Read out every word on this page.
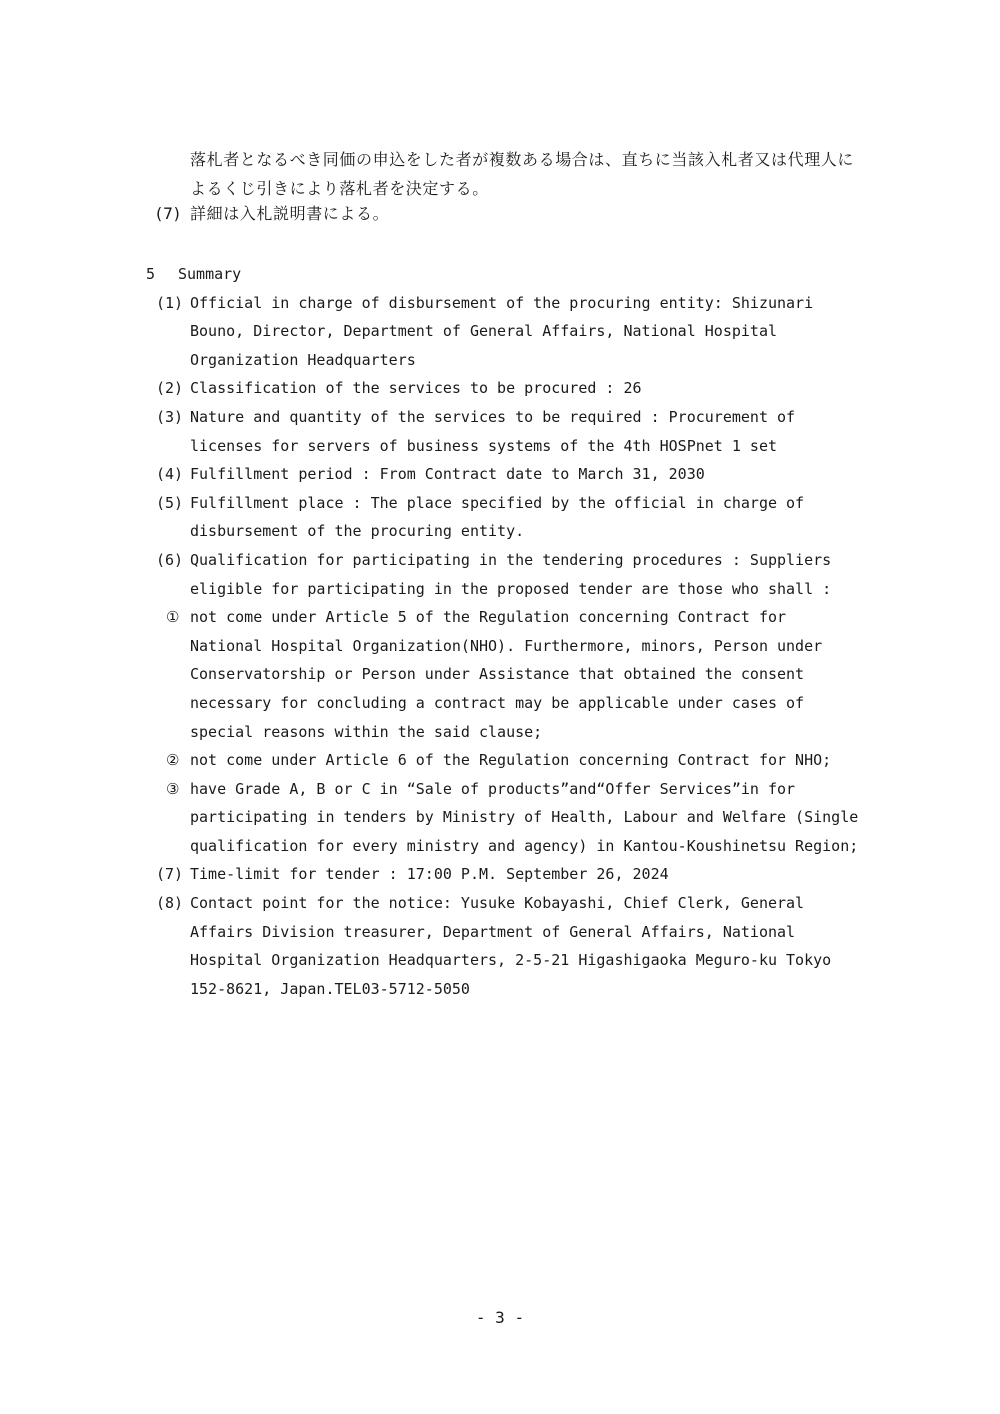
落札者となるべき同価の申込をした者が複数ある場合は、直ちに当該入札者又は代理人によるくじ引きにより落札者を決定する。
(7) 詳細は入札説明書による。
5 Summary
(1) Official in charge of disbursement of the procuring entity: Shizunari
Bouno, Director, Department of General Affairs, National Hospital
Organization Headquarters
(2) Classification of the services to be procured : 26
(3) Nature and quantity of the services to be required : Procurement of
licenses for servers of business systems of the 4th HOSPnet 1 set
(4) Fulfillment period : From Contract date to March 31, 2030
(5) Fulfillment place : The place specified by the official in charge of
disbursement of the procuring entity.
(6) Qualification for participating in the tendering procedures : Suppliers
eligible for participating in the proposed tender are those who shall :
① not come under Article 5 of the Regulation concerning Contract for
National Hospital Organization(NHO). Furthermore, minors, Person under
Conservatorship or Person under Assistance that obtained the consent
necessary for concluding a contract may be applicable under cases of
special reasons within the said clause;
② not come under Article 6 of the Regulation concerning Contract for NHO;
③ have Grade A, B or C in “Sale of products”and“Offer Services”in for
participating in tenders by Ministry of Health, Labour and Welfare (Single
qualification for every ministry and agency) in Kantou-Koushinetsu Region;
(7) Time-limit for tender : 17:00 P.M. September 26, 2024
(8) Contact point for the notice: Yusuke Kobayashi, Chief Clerk, General
Affairs Division treasurer, Department of General Affairs, National
Hospital Organization Headquarters, 2-5-21 Higashigaoka Meguro-ku Tokyo
152-8621, Japan.TEL03-5712-5050
- 3 -
